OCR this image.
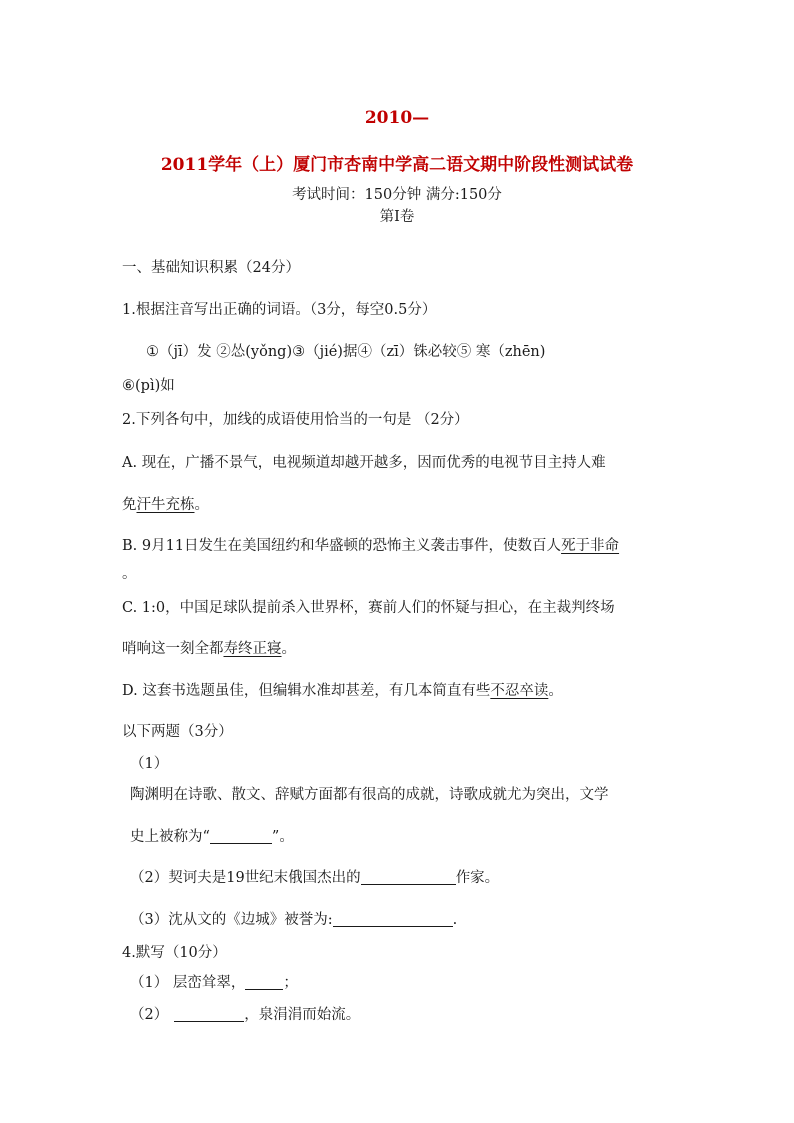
2010—
2011学年（上）厦门市杏南中学高二语文期中阶段性测试试卷
考试时间：150分钟 满分:150分
第I卷
一、基础知识积累（24分）
1.根据注音写出正确的词语。（3分，每空0.5分）
①（jī）发 ②怂(yǒng)③（jié)据④（zī）铢必较⑤ 寒（zhēn)
⑥(pì)如
2.下列各句中，加线的成语使用恰当的一句是 （2分）
A. 现在，广播不景气，电视频道却越开越多，因而优秀的电视节目主持人难
免汗牛充栋。
B. 9月11日发生在美国纽约和华盛顿的恐怖主义袭击事件，使数百人死于非命
。
C. 1:0，中国足球队提前杀入世界杯，赛前人们的怀疑与担心，在主裁判终场
哨响这一刻全都寿终正寝。
D. 这套书选题虽佳，但编辑水准却甚差，有几本简直有些不忍卒读。
以下两题（3分）
（1）
陶渊明在诗歌、散文、辞赋方面都有很高的成就，诗歌成就尤为突出，文学
史上被称为“	”。
（2）契诃夫是19世纪末俄国杰出的	作家。
（3）沈从文的《边城》被誉为:	.
4.默写（10分）
（1） 层峦耸翠，	；
（2）	，泉涓涓而始流。
